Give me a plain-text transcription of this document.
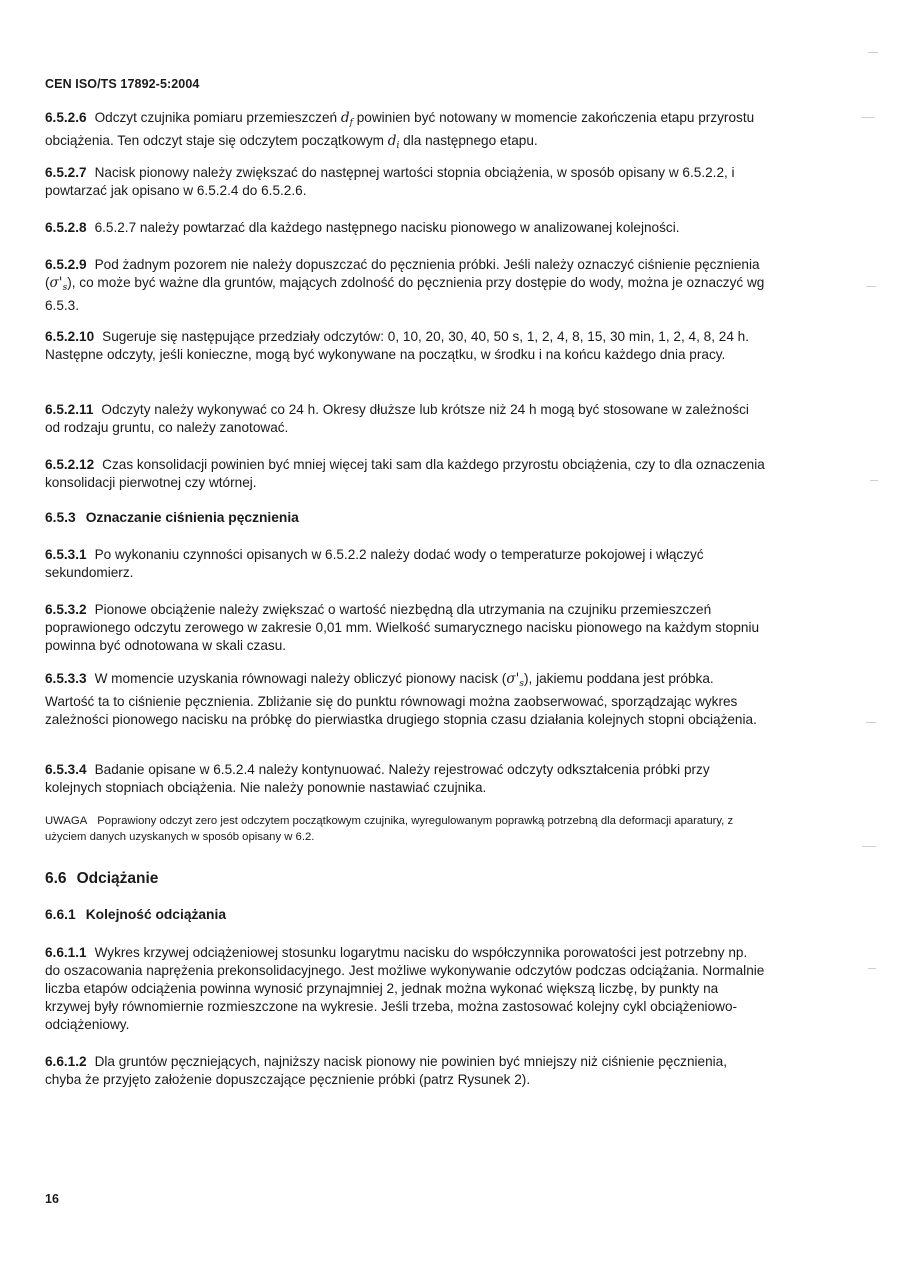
CEN ISO/TS 17892-5:2004

6.5.2.6 Odczyt czujnika pomiaru przemieszczeń $d_f$ powinien być notowany w momencie zakończenia etapu przyrostu obciążenia. Ten odczyt staje się odczytem początkowym $d_i$ dla następnego etapu.

6.5.2.7 Nacisk pionowy należy zwiększać do następnej wartości stopnia obciążenia, w sposób opisany w 6.5.2.2, i powtarzać jak opisano w 6.5.2.4 do 6.5.2.6.

6.5.2.8 6.5.2.7 należy powtarzać dla każdego następnego nacisku pionowego w analizowanej kolejności.

6.5.2.9 Pod żadnym pozorem nie należy dopuszczać do pęcznienia próbki. Jeśli należy oznaczyć ciśnienie pęcznienia $(\sigma'_s)$, co może być ważne dla gruntów, mających zdolność do pęcznienia przy dostępie do wody, można je oznaczyć wg 6.5.3.

6.5.2.10 Sugeruje się następujące przedziały odczytów: 0, 10, 20, 30, 40, 50 s, 1, 2, 4, 8, 15, 30 min, 1, 2, 4, 8, 24 h. Następne odczyty, jeśli konieczne, mogą być wykonywane na początku, w środku i na końcu każdego dnia pracy.

6.5.2.11 Odczyty należy wykonywać co 24 h. Okresy dłuższe lub krótsze niż 24 h mogą być stosowane w zależności od rodzaju gruntu, co należy zanotować.

6.5.2.12 Czas konsolidacji powinien być mniej więcej taki sam dla każdego przyrostu obciążenia, czy to dla oznaczenia konsolidacji pierwotnej czy wtórnej.

6.5.3 Oznaczanie ciśnienia pęcznienia

6.5.3.1 Po wykonaniu czynności opisanych w 6.5.2.2 należy dodać wody o temperaturze pokojowej i włączyć sekundomierz.

6.5.3.2 Pionowe obciążenie należy zwiększać o wartość niezbędną dla utrzymania na czujniku przemieszczeń poprawionego odczytu zerowego w zakresie 0,01 mm. Wielkość sumarycznego nacisku pionowego na każdym stopniu powinna być odnotowana w skali czasu.

6.5.3.3 W momencie uzyskania równowagi należy obliczyć pionowy nacisk $(\sigma'_s)$, jakiemu poddana jest próbka. Wartość ta to ciśnienie pęcznienia. Zbliżanie się do punktu równowagi można zaobserwować, sporządzając wykres zależności pionowego nacisku na próbkę do pierwiastka drugiego stopnia czasu działania kolejnych stopni obciążenia.

6.5.3.4 Badanie opisane w 6.5.2.4 należy kontynuować. Należy rejestrować odczyty odkształcenia próbki przy kolejnych stopniach obciążenia. Nie należy ponownie nastawiać czujnika.

UWAGA Poprawiony odczyt zero jest odczytem początkowym czujnika, wyregulowanym poprawką potrzebną dla deformacji aparatury, z użyciem danych uzyskanych w sposób opisany w 6.2.

6.6 Odciążanie
6.6.1 Kolejność odciążania

6.6.1.1 Wykres krzywej odciążeniowej stosunku logarytmu nacisku do współczynnika porowatości jest potrzebny np. do oszacowania naprężenia prekonsolidacyjnego. Jest możliwe wykonywanie odczytów podczas odciążania. Normalnie liczba etapów odciążenia powinna wynosić przynajmniej 2, jednak można wykonać większą liczbę, by punkty na krzywej były równomiernie rozmieszczone na wykresie. Jeśli trzeba, można zastosować kolejny cykl obciążeniowo-odciążeniowy.

6.6.1.2 Dla gruntów pęczniejących, najniższy nacisk pionowy nie powinien być mniejszy niż ciśnienie pęcznienia, chyba że przyjęto założenie dopuszczające pęcznienie próbki (patrz Rysunek 2).

16
